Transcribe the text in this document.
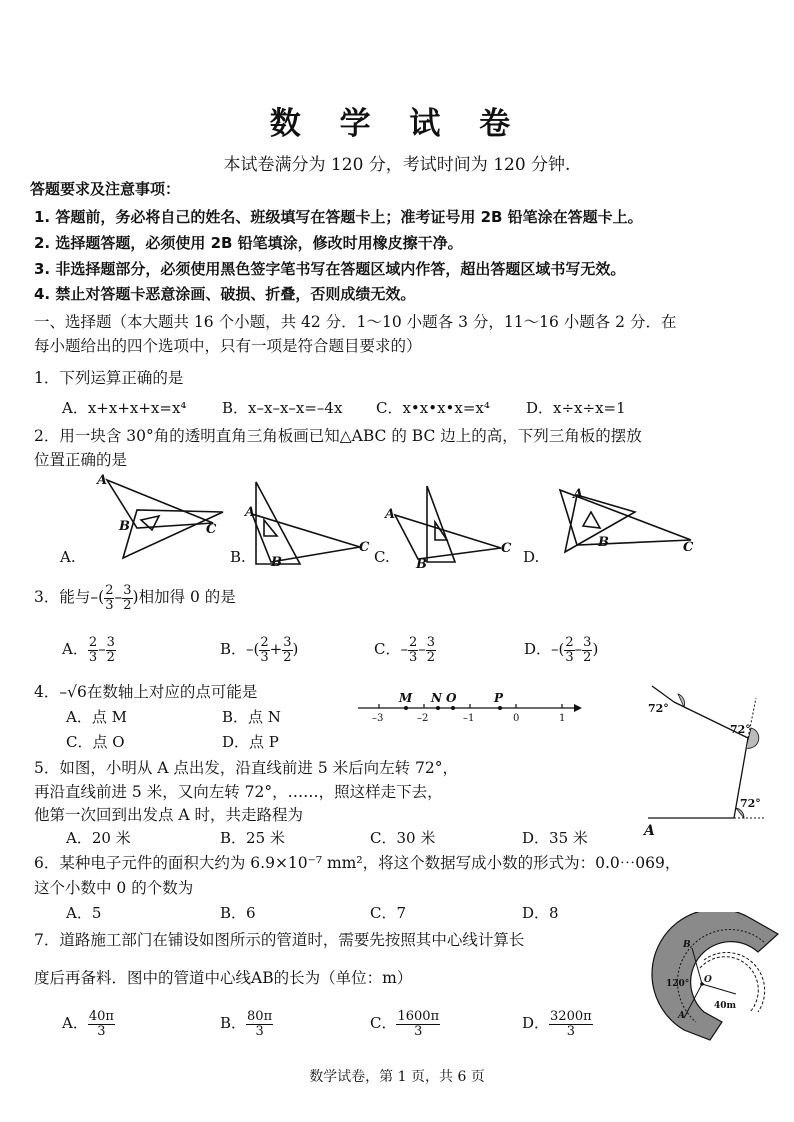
数 学 试 卷
本试卷满分为 120 分，考试时间为 120 分钟.
答题要求及注意事项：
1. 答题前，务必将自己的姓名、班级填写在答题卡上；准考证号用 2B 铅笔涂在答题卡上。
2. 选择题答题，必须使用 2B 铅笔填涂，修改时用橡皮擦干净。
3. 非选择题部分，必须使用黑色签字笔书写在答题区域内作答，超出答题区域书写无效。
4. 禁止对答题卡恶意涂画、破损、折叠，否则成绩无效。
一、选择题（本大题共 16 个小题，共 42 分．1～10 小题各 3 分，11～16 小题各 2 分．在
每小题给出的四个选项中，只有一项是符合题目要求的）
1．下列运算正确的是
A．x+x+x+x=x⁴ B．x–x–x–x=–4x C．x•x•x•x=x⁴ D．x÷x÷x=1
2．用一块含 30°角的透明直角三角板画已知△ABC 的 BC 边上的高，下列三角板的摆放
位置正确的是
A
B	C
A
B
C
A
B
C
A
B	C
A.	B.	C.	D.
3．能与–( $\frac{2}{3} - \frac{3}{2}$ )相加得 0 的是
A． $\frac{2}{3} - \frac{3}{2}$	B．–( $\frac{2}{3} + \frac{3}{2}$ )	C．– $\frac{2}{3} - \frac{3}{2}$	D．–( $\frac{2}{3} - \frac{3}{2}$ )
4．–√6在数轴上对应的点可能是
A．点 M	B．点 N
C．点 O	D．点 P
M N O	P
–3	–2	–1	0	1
72°
72°
72°
A
5．如图，小明从 A 点出发，沿直线前进 5 米后向左转 72°，
再沿直线前进 5 米，又向左转 72°，……，照这样走下去，
他第一次回到出发点 A 时，共走路程为
A．20 米	B．25 米	C．30 米	D．35 米
6．某种电子元件的面积大约为 6.9×10⁻⁷ mm²，将这个数据写成小数的形式为：0.0⋯069，
这个小数中 0 的个数为
A．5	B．6	C．7	D．8
7．道路施工部门在铺设如图所示的管道时，需要先按照其中心线计算长
度后再备料．图中的管道中心线AB的长为（单位：m）
A． $\frac{40\pi}{3}$	B． $\frac{80\pi}{3}$	C． $\frac{1600\pi}{3}$	D． $\frac{3200\pi}{3}$
120° O
40m
B
A
数学试卷，第 1 页，共 6 页
